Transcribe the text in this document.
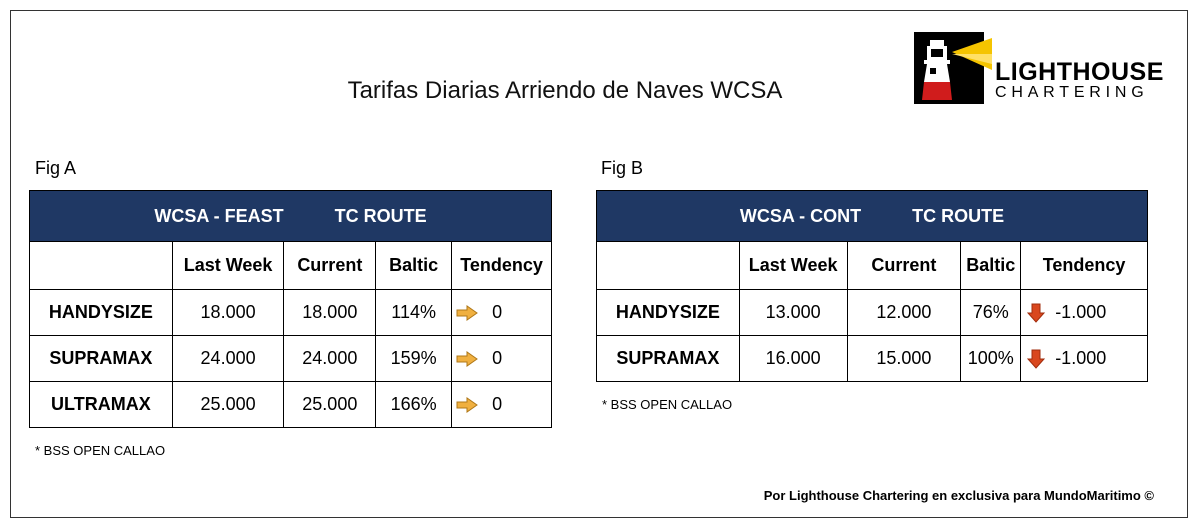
Tarifas Diarias Arriendo de Naves WCSA
LIGHTHOUSE
CHARTERING
Fig A
WCSA - FEAST TC ROUTE				
	Last Week	Current	Baltic	Tendency
HANDYSIZE	18.000	18.000	114%	0

SUPRAMAX	24.000	24.000	159%	0

ULTRAMAX	25.000	25.000	166%	0
* BSS OPEN CALLAO
Fig B
WCSA - CONT TC ROUTE				
	Last Week	Current	Baltic	Tendency
HANDYSIZE	13.000	12.000	76%	-1.000

SUPRAMAX	16.000	15.000	100%	-1.000
* BSS OPEN CALLAO
Por Lighthouse Chartering en exclusiva para MundoMaritimo ©
